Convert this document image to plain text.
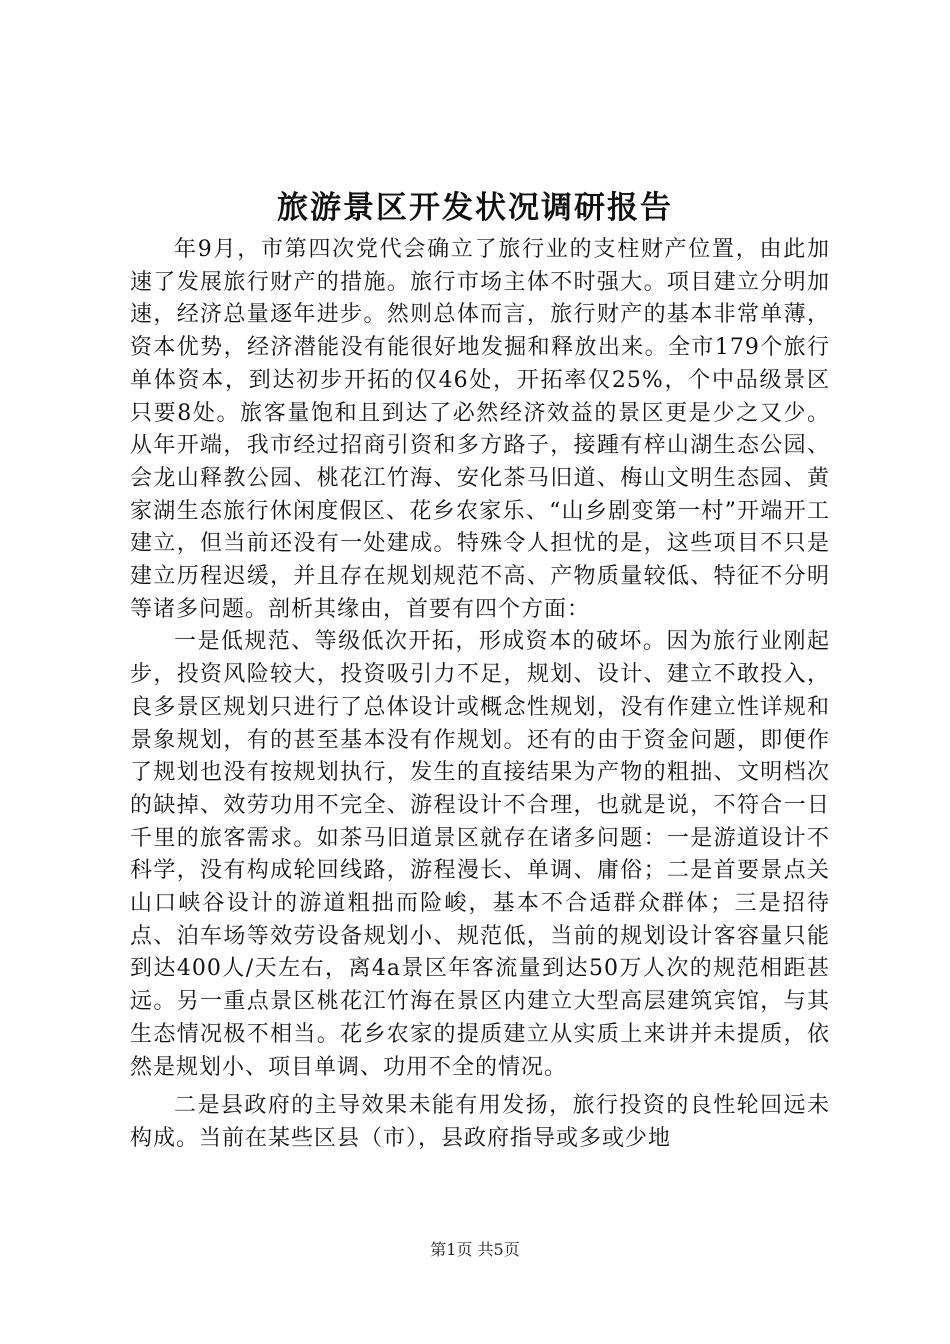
旅游景区开发状况调研报告

年9月，市第四次党代会确立了旅行业的支柱财产位置，由此加速了发展旅行财产的措施。旅行市场主体不时强大。项目建立分明加速，经济总量逐年进步。然则总体而言，旅行财产的基本非常单薄，资本优势，经济潜能没有能很好地发掘和释放出来。全市179个旅行单体资本，到达初步开拓的仅46处，开拓率仅25%，个中品级景区只要8处。旅客量饱和且到达了必然经济效益的景区更是少之又少。从年开端，我市经过招商引资和多方路子，接踵有梓山湖生态公园、会龙山释教公园、桃花江竹海、安化茶马旧道、梅山文明生态园、黄家湖生态旅行休闲度假区、花乡农家乐、“山乡剧变第一村”开端开工建立，但当前还没有一处建成。特殊令人担忧的是，这些项目不只是建立历程迟缓，并且存在规划规范不高、产物质量较低、特征不分明等诸多问题。剖析其缘由，首要有四个方面：

一是低规范、等级低次开拓，形成资本的破坏。因为旅行业刚起步，投资风险较大，投资吸引力不足，规划、设计、建立不敢投入，良多景区规划只进行了总体设计或概念性规划，没有作建立性详规和景象规划，有的甚至基本没有作规划。还有的由于资金问题，即便作了规划也没有按规划执行，发生的直接结果为产物的粗拙、文明档次的缺掉、效劳功用不完全、游程设计不合理，也就是说，不符合一日千里的旅客需求。如茶马旧道景区就存在诸多问题：一是游道设计不科学，没有构成轮回线路，游程漫长、单调、庸俗；二是首要景点关山口峡谷设计的游道粗拙而险峻，基本不合适群众群体；三是招待点、泊车场等效劳设备规划小、规范低，当前的规划设计客容量只能到达400人/天左右，离4a景区年客流量到达50万人次的规范相距甚远。另一重点景区桃花江竹海在景区内建立大型高层建筑宾馆，与其生态情况极不相当。花乡农家的提质建立从实质上来讲并未提质，依然是规划小、项目单调、功用不全的情况。

二是县政府的主导效果未能有用发扬，旅行投资的良性轮回远未构成。当前在某些区县（市），县政府指导或多或少地

第1页 共5页
